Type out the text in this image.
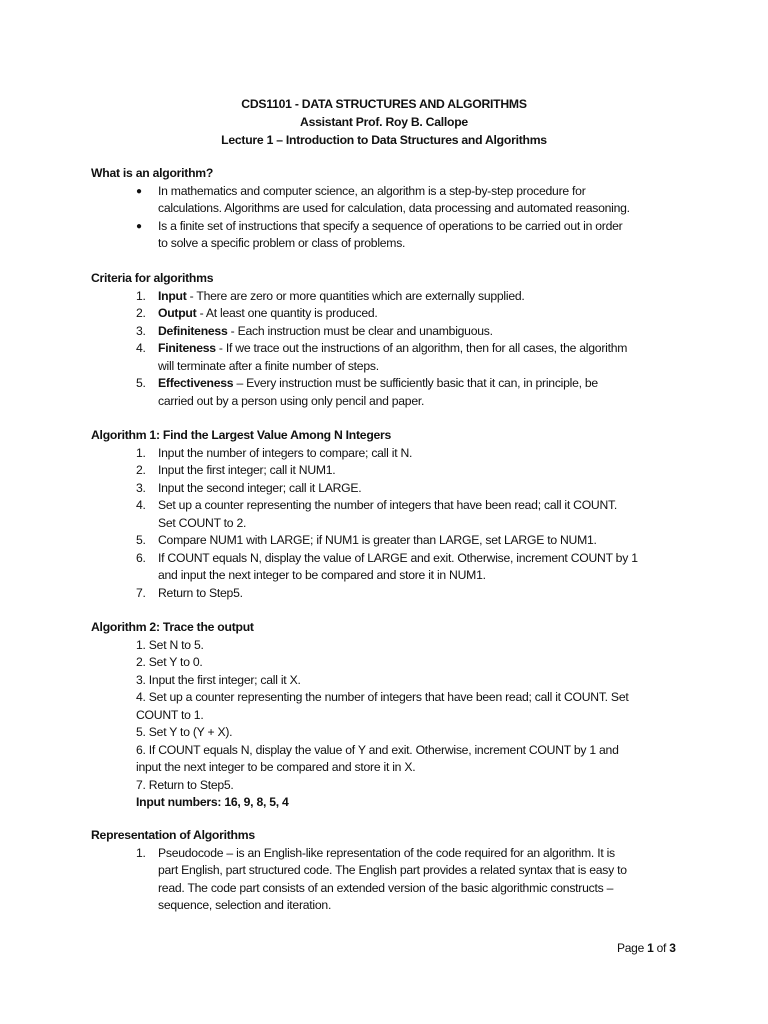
CDS1101 - DATA STRUCTURES AND ALGORITHMS
Assistant Prof. Roy B. Callope
Lecture 1 – Introduction to Data Structures and Algorithms
What is an algorithm?
● In mathematics and computer science, an algorithm is a step-by-step procedure for
calculations. Algorithms are used for calculation, data processing and automated reasoning.
● Is a finite set of instructions that specify a sequence of operations to be carried out in order
to solve a specific problem or class of problems.
Criteria for algorithms
1. Input - There are zero or more quantities which are externally supplied.
2. Output - At least one quantity is produced.
3. Definiteness - Each instruction must be clear and unambiguous.
4. Finiteness - If we trace out the instructions of an algorithm, then for all cases, the algorithm
will terminate after a finite number of steps.
5. Effectiveness – Every instruction must be sufficiently basic that it can, in principle, be
carried out by a person using only pencil and paper.
Algorithm 1: Find the Largest Value Among N Integers
1. Input the number of integers to compare; call it N.
2. Input the first integer; call it NUM1.
3. Input the second integer; call it LARGE.
4. Set up a counter representing the number of integers that have been read; call it COUNT.
Set COUNT to 2.
5. Compare NUM1 with LARGE; if NUM1 is greater than LARGE, set LARGE to NUM1.
6. If COUNT equals N, display the value of LARGE and exit. Otherwise, increment COUNT by 1
and input the next integer to be compared and store it in NUM1.
7. Return to Step5.
Algorithm 2: Trace the output
1. Set N to 5.
2. Set Y to 0.
3. Input the first integer; call it X.
4. Set up a counter representing the number of integers that have been read; call it COUNT. Set
COUNT to 1.
5. Set Y to (Y + X).
6. If COUNT equals N, display the value of Y and exit. Otherwise, increment COUNT by 1 and
input the next integer to be compared and store it in X.
7. Return to Step5.
Input numbers: 16, 9, 8, 5, 4
Representation of Algorithms
1. Pseudocode – is an English-like representation of the code required for an algorithm. It is
part English, part structured code. The English part provides a related syntax that is easy to
read. The code part consists of an extended version of the basic algorithmic constructs –
sequence, selection and iteration.
Page 1 of 3
